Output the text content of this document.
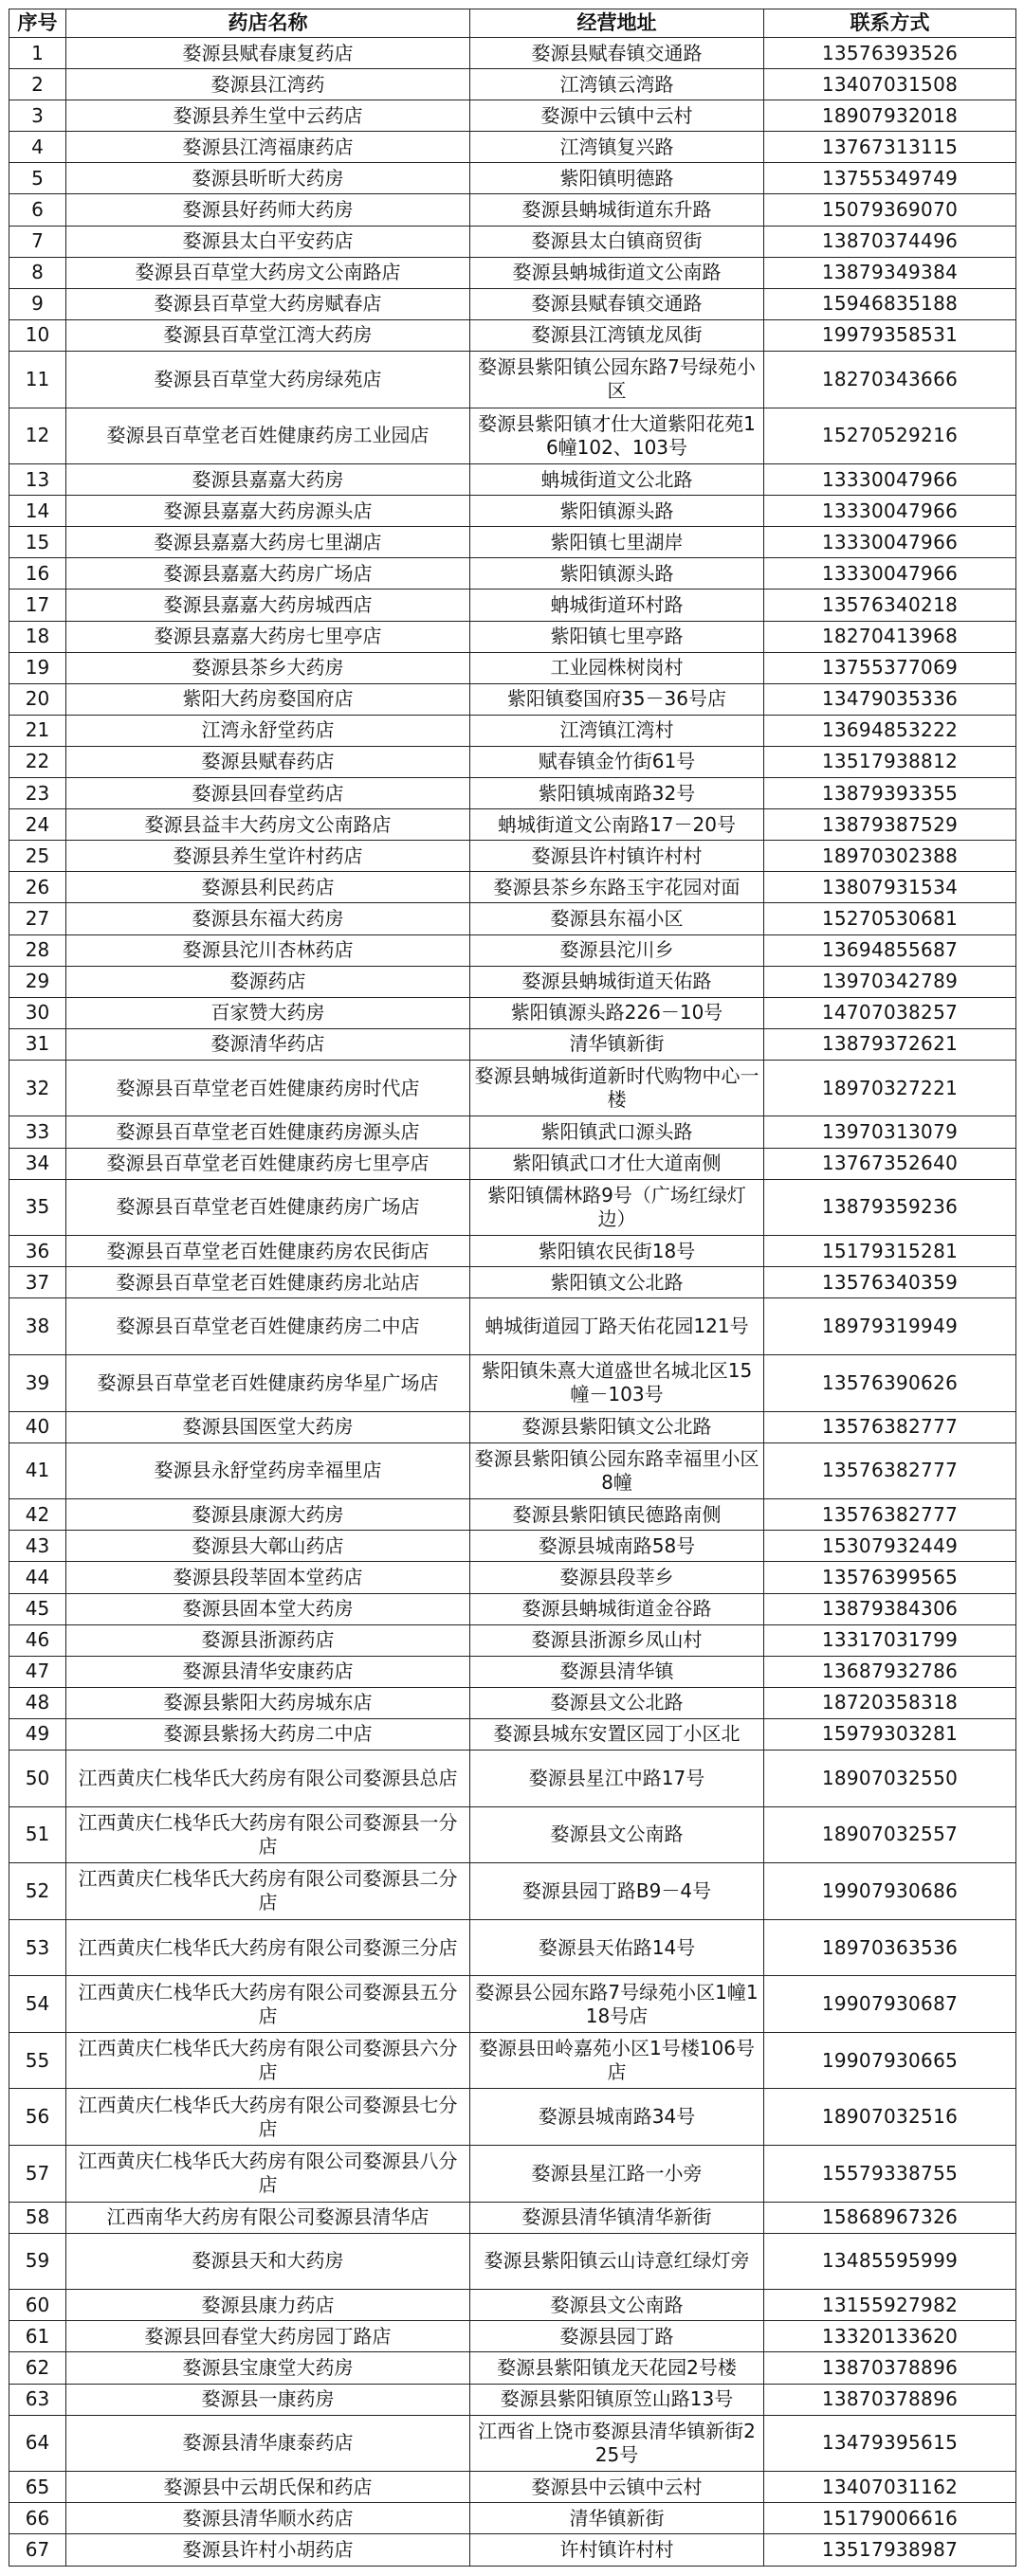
序号	药店名称	经营地址	联系方式
1	婺源县赋春康复药店	婺源县赋春镇交通路	13576393526
2	婺源县江湾药	江湾镇云湾路	13407031508
3	婺源县养生堂中云药店	婺源中云镇中云村	18907932018
4	婺源县江湾福康药店	江湾镇复兴路	13767313115
5	婺源县昕昕大药房	紫阳镇明德路	13755349749
6	婺源县好药师大药房	婺源县蚺城街道东升路	15079369070
7	婺源县太白平安药店	婺源县太白镇商贸街	13870374496
8	婺源县百草堂大药房文公南路店	婺源县蚺城街道文公南路	13879349384
9	婺源县百草堂大药房赋春店	婺源县赋春镇交通路	15946835188
10	婺源县百草堂江湾大药房	婺源县江湾镇龙凤街	19979358531
11	婺源县百草堂大药房绿苑店	婺源县紫阳镇公园东路7号绿苑小区	18270343666
12	婺源县百草堂老百姓健康药房工业园店	婺源县紫阳镇才仕大道紫阳花苑16幢102、103号	15270529216
13	婺源县嘉嘉大药房	蚺城街道文公北路	13330047966
14	婺源县嘉嘉大药房源头店	紫阳镇源头路	13330047966
15	婺源县嘉嘉大药房七里湖店	紫阳镇七里湖岸	13330047966
16	婺源县嘉嘉大药房广场店	紫阳镇源头路	13330047966
17	婺源县嘉嘉大药房城西店	蚺城街道环村路	13576340218
18	婺源县嘉嘉大药房七里亭店	紫阳镇七里亭路	18270413968
19	婺源县茶乡大药房	工业园株树岗村	13755377069
20	紫阳大药房婺国府店	紫阳镇婺国府35－36号店	13479035336
21	江湾永舒堂药店	江湾镇江湾村	13694853222
22	婺源县赋春药店	赋春镇金竹街61号	13517938812
23	婺源县回春堂药店	紫阳镇城南路32号	13879393355
24	婺源县益丰大药房文公南路店	蚺城街道文公南路17－20号	13879387529
25	婺源县养生堂许村药店	婺源县许村镇许村村	18970302388
26	婺源县利民药店	婺源县茶乡东路玉宇花园对面	13807931534
27	婺源县东福大药房	婺源县东福小区	15270530681
28	婺源县沱川杏林药店	婺源县沱川乡	13694855687
29	婺源药店	婺源县蚺城街道天佑路	13970342789
30	百家赞大药房	紫阳镇源头路226－10号	14707038257
31	婺源清华药店	清华镇新街	13879372621
32	婺源县百草堂老百姓健康药房时代店	婺源县蚺城街道新时代购物中心一楼	18970327221
33	婺源县百草堂老百姓健康药房源头店	紫阳镇武口源头路	13970313079
34	婺源县百草堂老百姓健康药房七里亭店	紫阳镇武口才仕大道南侧	13767352640
35	婺源县百草堂老百姓健康药房广场店	紫阳镇儒林路9号（广场红绿灯边）	13879359236
36	婺源县百草堂老百姓健康药房农民街店	紫阳镇农民街18号	15179315281
37	婺源县百草堂老百姓健康药房北站店	紫阳镇文公北路	13576340359
38	婺源县百草堂老百姓健康药房二中店	蚺城街道园丁路天佑花园121号	18979319949
39	婺源县百草堂老百姓健康药房华星广场店	紫阳镇朱熹大道盛世名城北区15幢－103号	13576390626
40	婺源县国医堂大药房	婺源县紫阳镇文公北路	13576382777
41	婺源县永舒堂药房幸福里店	婺源县紫阳镇公园东路幸福里小区8幢	13576382777
42	婺源县康源大药房	婺源县紫阳镇民德路南侧	13576382777
43	婺源县大鄣山药店	婺源县城南路58号	15307932449
44	婺源县段莘固本堂药店	婺源县段莘乡	13576399565
45	婺源县固本堂大药房	婺源县蚺城街道金谷路	13879384306
46	婺源县浙源药店	婺源县浙源乡凤山村	13317031799
47	婺源县清华安康药店	婺源县清华镇	13687932786
48	婺源县紫阳大药房城东店	婺源县文公北路	18720358318
49	婺源县紫扬大药房二中店	婺源县城东安置区园丁小区北	15979303281
50	江西黄庆仁栈华氏大药房有限公司婺源县总店	婺源县星江中路17号	18907032550
51	江西黄庆仁栈华氏大药房有限公司婺源县一分店	婺源县文公南路	18907032557
52	江西黄庆仁栈华氏大药房有限公司婺源县二分店	婺源县园丁路B9－4号	19907930686
53	江西黄庆仁栈华氏大药房有限公司婺源三分店	婺源县天佑路14号	18970363536
54	江西黄庆仁栈华氏大药房有限公司婺源县五分店	婺源县公园东路7号绿苑小区1幢118号店	19907930687
55	江西黄庆仁栈华氏大药房有限公司婺源县六分店	婺源县田岭嘉苑小区1号楼106号店	19907930665
56	江西黄庆仁栈华氏大药房有限公司婺源县七分店	婺源县城南路34号	18907032516
57	江西黄庆仁栈华氏大药房有限公司婺源县八分店	婺源县星江路一小旁	15579338755
58	江西南华大药房有限公司婺源县清华店	婺源县清华镇清华新街	15868967326
59	婺源县天和大药房	婺源县紫阳镇云山诗意红绿灯旁	13485595999
60	婺源县康力药店	婺源县文公南路	13155927982
61	婺源县回春堂大药房园丁路店	婺源县园丁路	13320133620
62	婺源县宝康堂大药房	婺源县紫阳镇龙天花园2号楼	13870378896
63	婺源县一康药房	婺源县紫阳镇原笠山路13号	13870378896
64	婺源县清华康泰药店	江西省上饶市婺源县清华镇新街225号	13479395615
65	婺源县中云胡氏保和药店	婺源县中云镇中云村	13407031162
66	婺源县清华顺水药店	清华镇新街	15179006616
67	婺源县许村小胡药店	许村镇许村村	13517938987
